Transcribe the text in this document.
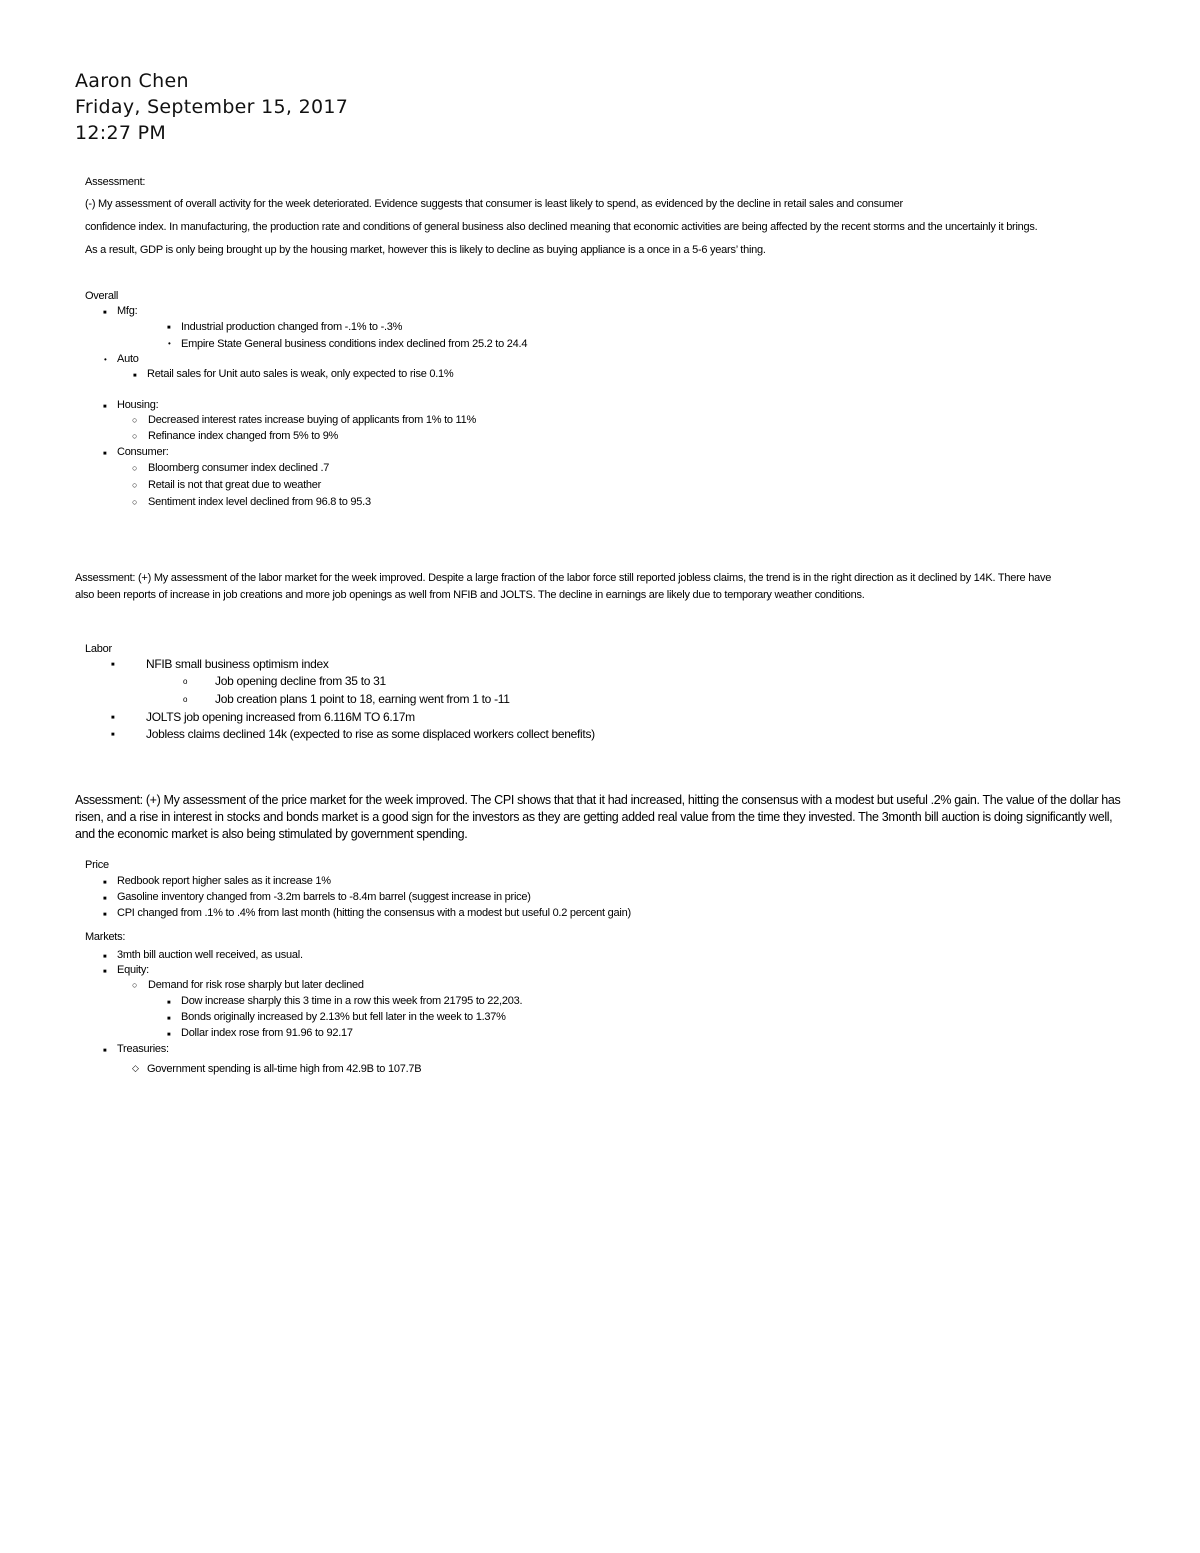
Aaron Chen
Friday, September 15, 2017
12:27 PM
Assessment:
(-) My assessment of overall activity for the week deteriorated. Evidence suggests that consumer is least likely to spend, as evidenced by the decline in retail sales and consumer
confidence index. In manufacturing, the production rate and conditions of general business also declined meaning that economic activities are being affected by the recent storms and the uncertainly it brings.
As a result, GDP is only being brought up by the housing market, however this is likely to decline as buying appliance is a once in a 5-6 years’ thing.
Overall
■ Mfg:
■ Industrial production changed from -.1% to -.3%
• Empire State General business conditions index declined from 25.2 to 24.4
• Auto
■ Retail sales for Unit auto sales is weak, only expected to rise 0.1%
■ Housing:
○ Decreased interest rates increase buying of applicants from 1% to 11%
○ Refinance index changed from 5% to 9%
■ Consumer:
○ Bloomberg consumer index declined .7
○ Retail is not that great due to weather
○ Sentiment index level declined from 96.8 to 95.3
Assessment: (+) My assessment of the labor market for the week improved. Despite a large fraction of the labor force still reported jobless claims, the trend is in the right direction as it declined by 14K. There have
also been reports of increase in job creations and more job openings as well from NFIB and JOLTS. The decline in earnings are likely due to temporary weather conditions.
Labor
■	NFIB small business optimism index
o Job opening decline from 35 to 31
o Job creation plans 1 point to 18, earning went from 1 to -11
■	JOLTS job opening increased from 6.116M TO 6.17m
■	Jobless claims declined 14k (expected to rise as some displaced workers collect benefits)
Assessment: (+) My assessment of the price market for the week improved. The CPI shows that that it had increased, hitting the consensus with a modest but useful .2% gain. The value of the dollar has
risen, and a rise in interest in stocks and bonds market is a good sign for the investors as they are getting added real value from the time they invested. The 3month bill auction is doing significantly well,
and the economic market is also being stimulated by government spending.
Price
■ Redbook report higher sales as it increase 1%
■ Gasoline inventory changed from -3.2m barrels to -8.4m barrel (suggest increase in price)
■ CPI changed from .1% to .4% from last month (hitting the consensus with a modest but useful 0.2 percent gain)
Markets:
■ 3mth bill auction well received, as usual.
■ Equity:
○ Demand for risk rose sharply but later declined
■ Dow increase sharply this 3 time in a row this week from 21795 to 22,203.
■ Bonds originally increased by 2.13% but fell later in the week to 1.37%
■ Dollar index rose from 91.96 to 92.17
■ Treasuries:
◇ Government spending is all-time high from 42.9B to 107.7B
